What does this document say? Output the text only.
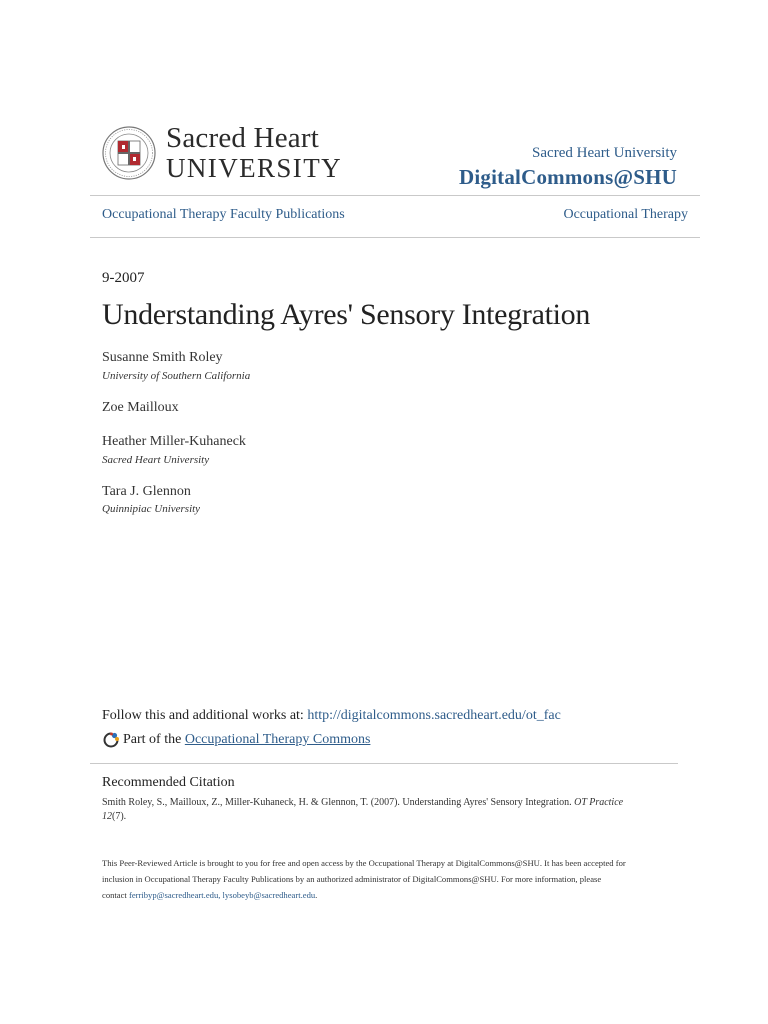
Sacred Heart
UNIVERSITY	Sacred Heart University
DigitalCommons@SHU
Occupational Therapy Faculty Publications	Occupational Therapy
9-2007
Understanding Ayres' Sensory Integration
Susanne Smith Roley
University of Southern California
Zoe Mailloux
Heather Miller-Kuhaneck
Sacred Heart University
Tara J. Glennon
Quinnipiac University
Follow this and additional works at: http://digitalcommons.sacredheart.edu/ot_fac
Part of the
Occupational Therapy Commons
Recommended Citation
Smith Roley, S., Mailloux, Z., Miller-Kuhaneck, H. & Glennon, T. (2007). Understanding Ayres' Sensory Integration. OT Practice
12(7).
This Peer-Reviewed Article is brought to you for free and open access by the Occupational Therapy at DigitalCommons@SHU. It has been accepted for
inclusion in Occupational Therapy Faculty Publications by an authorized administrator of DigitalCommons@SHU. For more information, please
contact ferribyp@sacredheart.edu, lysobeyb@sacredheart.edu.
